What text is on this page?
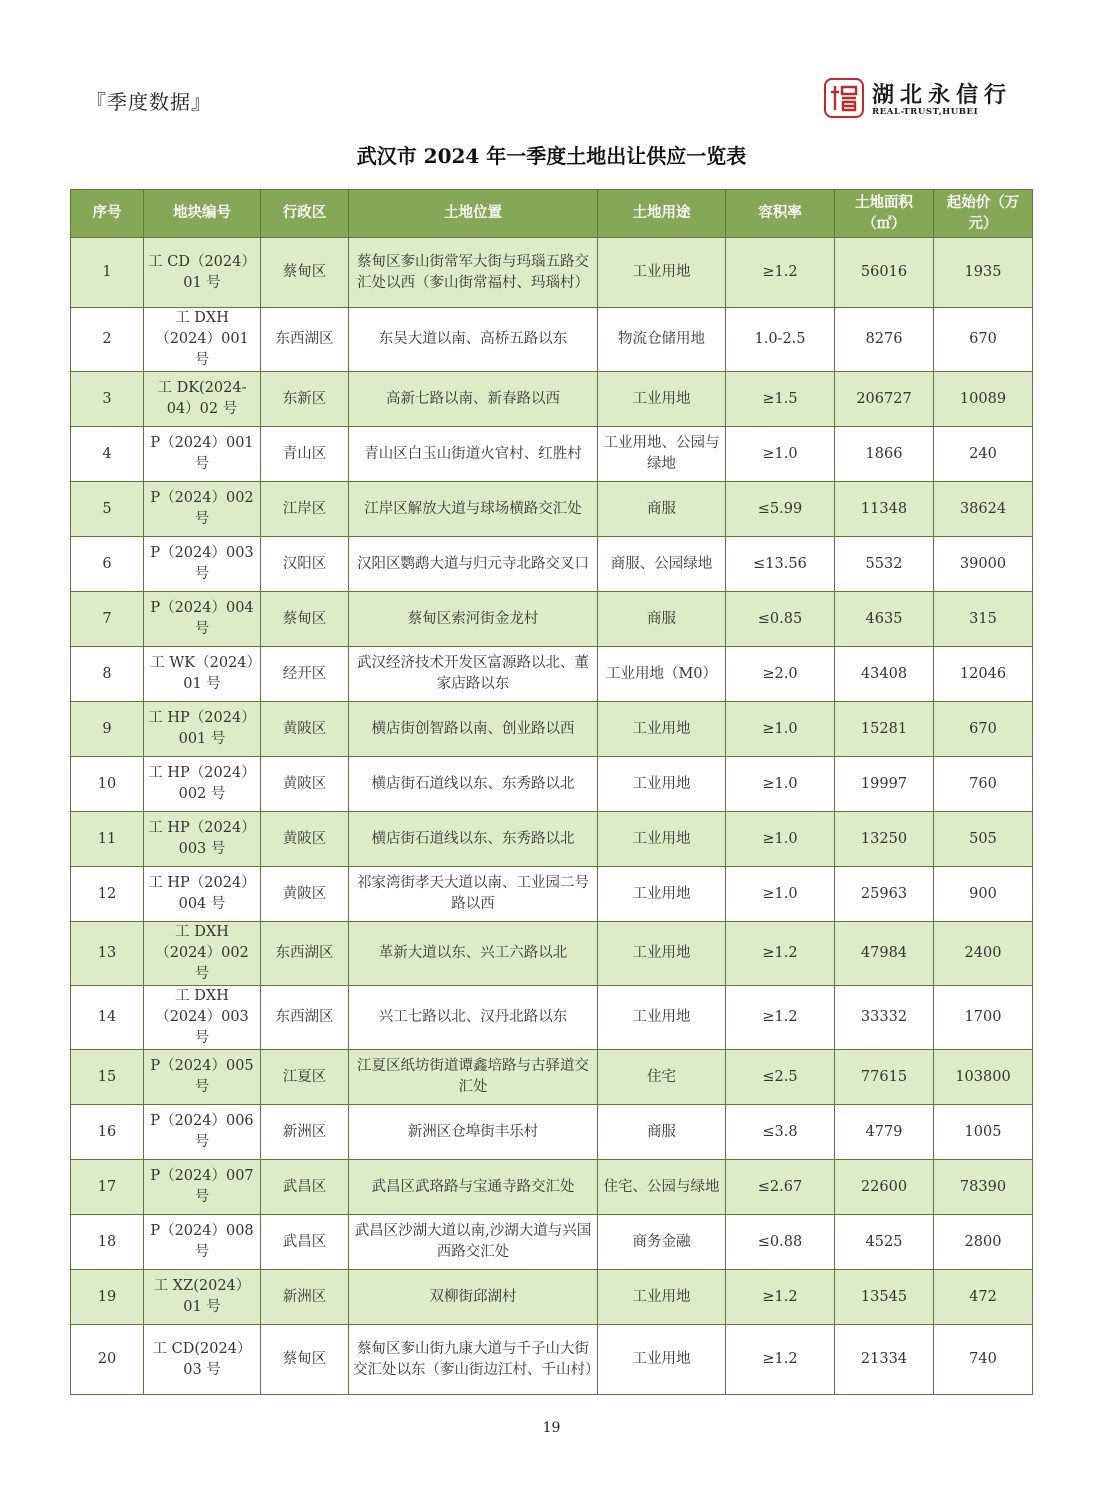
『季度数据』	湖北永信行
REAL-TRUST,HUBEI
武汉市 2024 年一季度土地出让供应一览表
序号	地块编号	行政区	土地位置	土地用途	容积率	土地面积（㎡）	起始价（万元）
1	工 CD（2024）01 号	蔡甸区	蔡甸区奓山街常军大街与玛瑙五路交汇处以西（奓山街常福村、玛瑙村）	工业用地	≥1.2	56016	1935
2	工 DXH（2024）001 号	东西湖区	东吴大道以南、高桥五路以东	物流仓储用地	1.0-2.5	8276	670
3	工 DK(2024-04）02 号	东新区	高新七路以南、新春路以西	工业用地	≥1.5	206727	10089
4	P（2024）001 号	青山区	青山区白玉山街道火官村、红胜村	工业用地、公园与绿地	≥1.0	1866	240
5	P（2024）002 号	江岸区	江岸区解放大道与球场横路交汇处	商服	≤5.99	11348	38624
6	P（2024）003 号	汉阳区	汉阳区鹦鹉大道与归元寺北路交叉口	商服、公园绿地	≤13.56	5532	39000
7	P（2024）004 号	蔡甸区	蔡甸区索河街金龙村	商服	≤0.85	4635	315
8	工 WK（2024）01 号	经开区	武汉经济技术开发区富源路以北、董家店路以东	工业用地（M0）	≥2.0	43408	12046
9	工 HP（2024）001 号	黄陂区	横店街创智路以南、创业路以西	工业用地	≥1.0	15281	670
10	工 HP（2024）002 号	黄陂区	横店街石道线以东、东秀路以北	工业用地	≥1.0	19997	760
11	工 HP（2024）003 号	黄陂区	横店街石道线以东、东秀路以北	工业用地	≥1.0	13250	505
12	工 HP（2024）004 号	黄陂区	祁家湾街孝天大道以南、工业园二号路以西	工业用地	≥1.0	25963	900
13	工 DXH（2024）002 号	东西湖区	革新大道以东、兴工六路以北	工业用地	≥1.2	47984	2400
14	工 DXH（2024）003 号	东西湖区	兴工七路以北、汉丹北路以东	工业用地	≥1.2	33332	1700
15	P（2024）005 号	江夏区	江夏区纸坊街道谭鑫培路与古驿道交汇处	住宅	≤2.5	77615	103800
16	P（2024）006 号	新洲区	新洲区仓埠街丰乐村	商服	≤3.8	4779	1005
17	P（2024）007 号	武昌区	武昌区武珞路与宝通寺路交汇处	住宅、公园与绿地	≤2.67	22600	78390
18	P（2024）008 号	武昌区	武昌区沙湖大道以南,沙湖大道与兴国西路交汇处	商务金融	≤0.88	4525	2800
19	工 XZ(2024）01 号	新洲区	双柳街邱湖村	工业用地	≥1.2	13545	472
20	工 CD(2024）03 号	蔡甸区	蔡甸区奓山街九康大道与千子山大街交汇处以东（奓山街边江村、千山村）	工业用地	≥1.2	21334	740
19
